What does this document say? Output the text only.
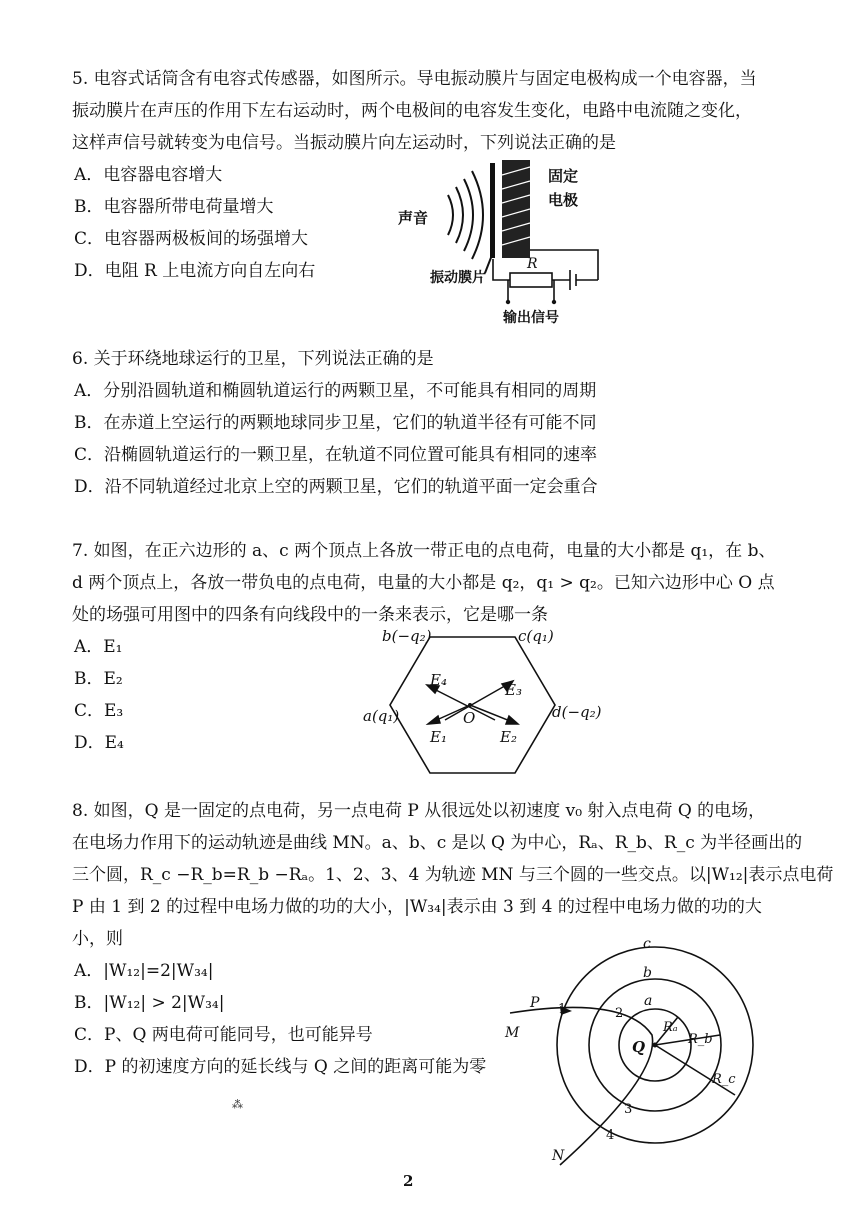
5. 电容式话筒含有电容式传感器，如图所示。导电振动膜片与固定电极构成一个电容器，当
振动膜片在声压的作用下左右运动时，两个电极间的电容发生变化，电路中电流随之变化，
这样声信号就转变为电信号。当振动膜片向左运动时，下列说法正确的是
A．电容器电容增大
B．电容器所带电荷量增大
C．电容器两极板间的场强增大
D．电阻 R 上电流方向自左向右
固定
电极
声音
振动膜片
R
输出信号
6. 关于环绕地球运行的卫星，下列说法正确的是
A．分别沿圆轨道和椭圆轨道运行的两颗卫星，不可能具有相同的周期
B．在赤道上空运行的两颗地球同步卫星，它们的轨道半径有可能不同
C．沿椭圆轨道运行的一颗卫星，在轨道不同位置可能具有相同的速率
D．沿不同轨道经过北京上空的两颗卫星，它们的轨道平面一定会重合
7. 如图，在正六边形的 a、c 两个顶点上各放一带正电的点电荷，电量的大小都是 q₁，在 b、
d 两个顶点上，各放一带负电的点电荷，电量的大小都是 q₂，q₁ > q₂。已知六边形中心 O 点
处的场强可用图中的四条有向线段中的一条来表示，它是哪一条
A．E₁
B．E₂
C．E₃
D．E₄
b(−q₂)	c(q₁)
a(q₁)	d(−q₂)
O
E₁	E₂
E₃
E₄
8. 如图，Q 是一固定的点电荷，另一点电荷 P 从很远处以初速度 v₀ 射入点电荷 Q 的电场，
在电场力作用下的运动轨迹是曲线 MN。a、b、c 是以 Q 为中心，Rₐ、R_b、R_c 为半径画出的
三个圆，R_c −R_b=R_b −Rₐ。1、2、3、4 为轨迹 MN 与三个圆的一些交点。以|W₁₂|表示点电荷
P 由 1 到 2 的过程中电场力做的功的大小，|W₃₄|表示由 3 到 4 的过程中电场力做的功的大
小，则
A．|W₁₂|=2|W₃₄|
B．|W₁₂| > 2|W₃₄|
C．P、Q 两电荷可能同号，也可能异号
D．P 的初速度方向的延长线与 Q 之间的距离可能为零
c
b
a
P
M
N
Q
1	2
3
4
Rₐ
R_b
R_c
⁂
2
